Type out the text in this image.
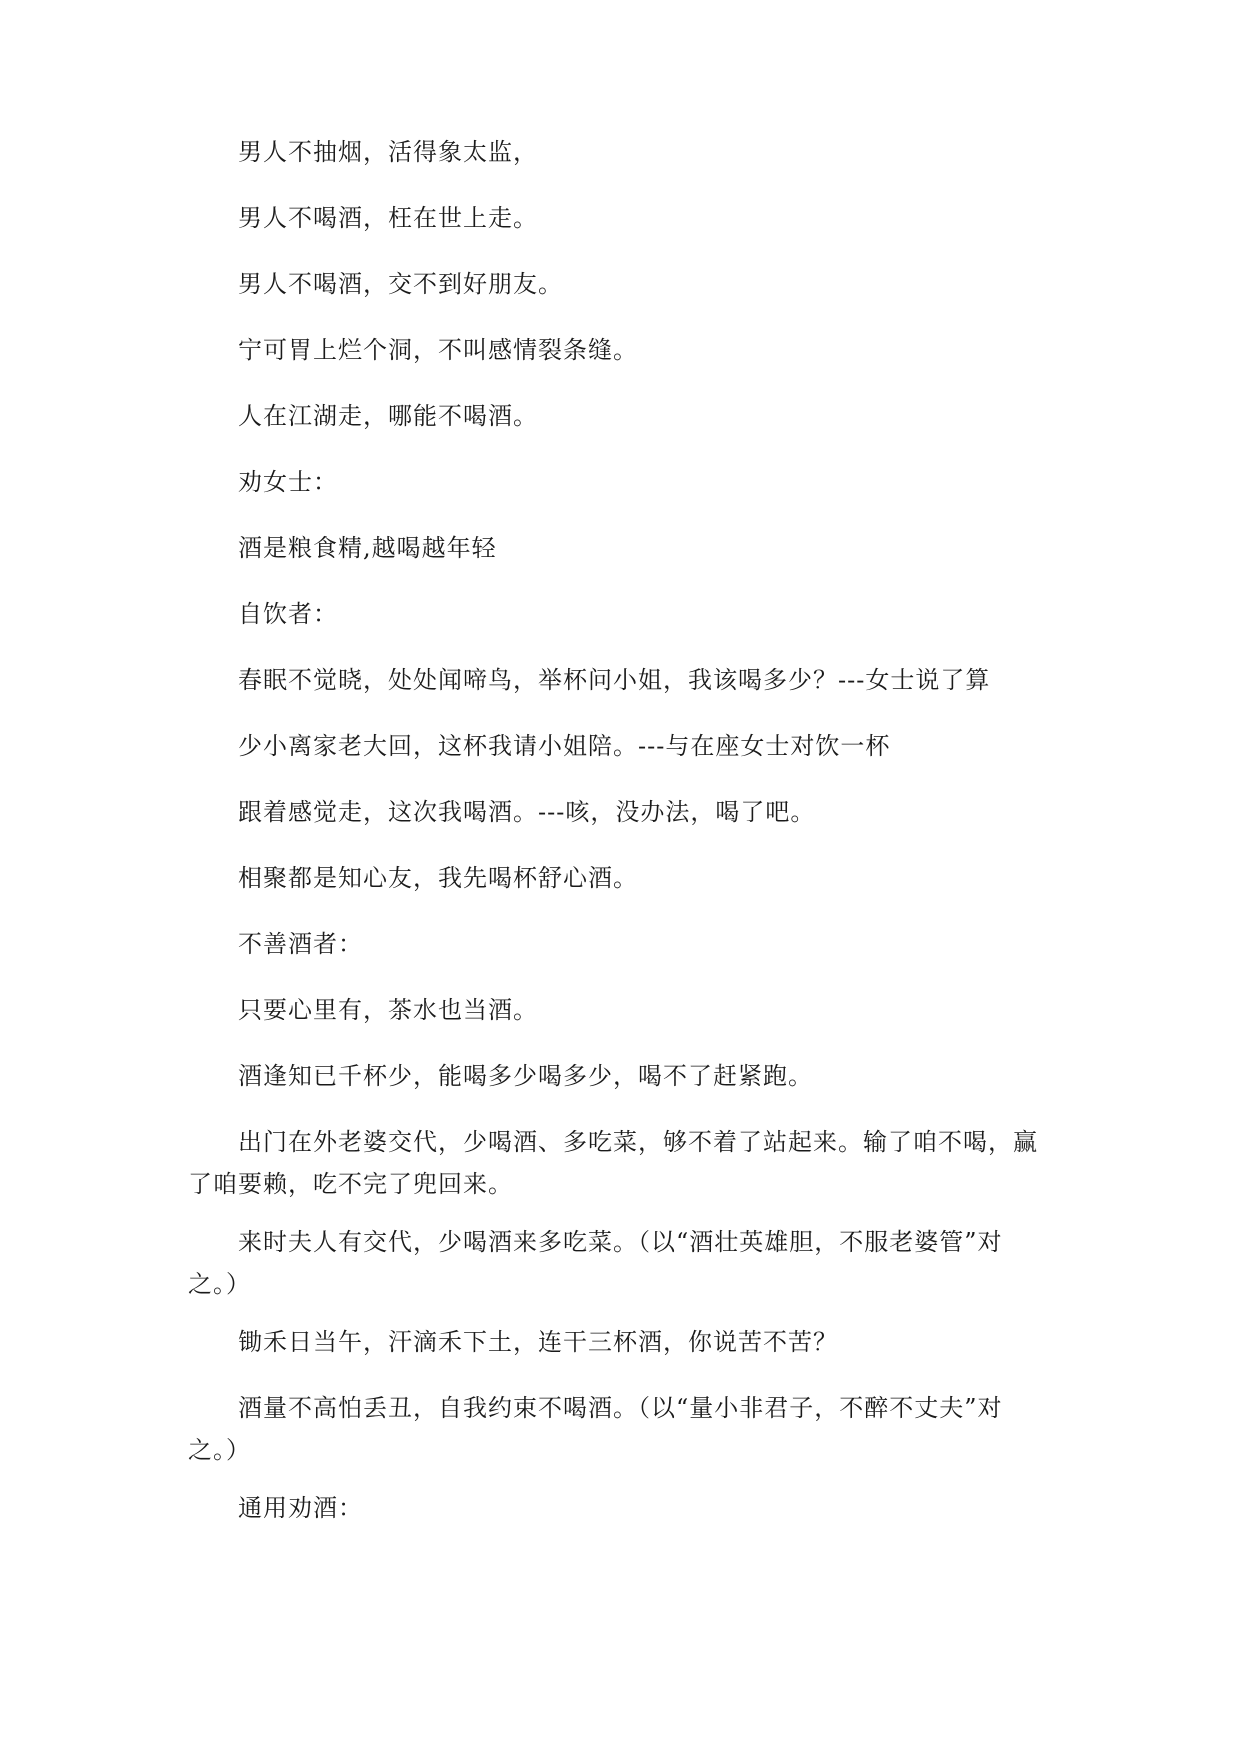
男人不抽烟，活得象太监，

男人不喝酒，枉在世上走。

男人不喝酒，交不到好朋友。

宁可胃上烂个洞，不叫感情裂条缝。

人在江湖走，哪能不喝酒。

劝女士：

酒是粮食精,越喝越年轻

自饮者：

春眠不觉晓，处处闻啼鸟，举杯问小姐，我该喝多少？---女士说了算

少小离家老大回，这杯我请小姐陪。---与在座女士对饮一杯

跟着感觉走，这次我喝酒。---咳，没办法，喝了吧。

相聚都是知心友，我先喝杯舒心酒。

不善酒者：

只要心里有，茶水也当酒。

酒逢知已千杯少，能喝多少喝多少，喝不了赶紧跑。

出门在外老婆交代，少喝酒、多吃菜，够不着了站起来。输了咱不喝，赢了咱要赖，吃不完了兜回来。

来时夫人有交代，少喝酒来多吃菜。（以“酒壮英雄胆，不服老婆管”对之。）

锄禾日当午，汗滴禾下土，连干三杯酒，你说苦不苦？

酒量不高怕丢丑，自我约束不喝酒。（以“量小非君子，不醉不丈夫”对之。）

通用劝酒：
